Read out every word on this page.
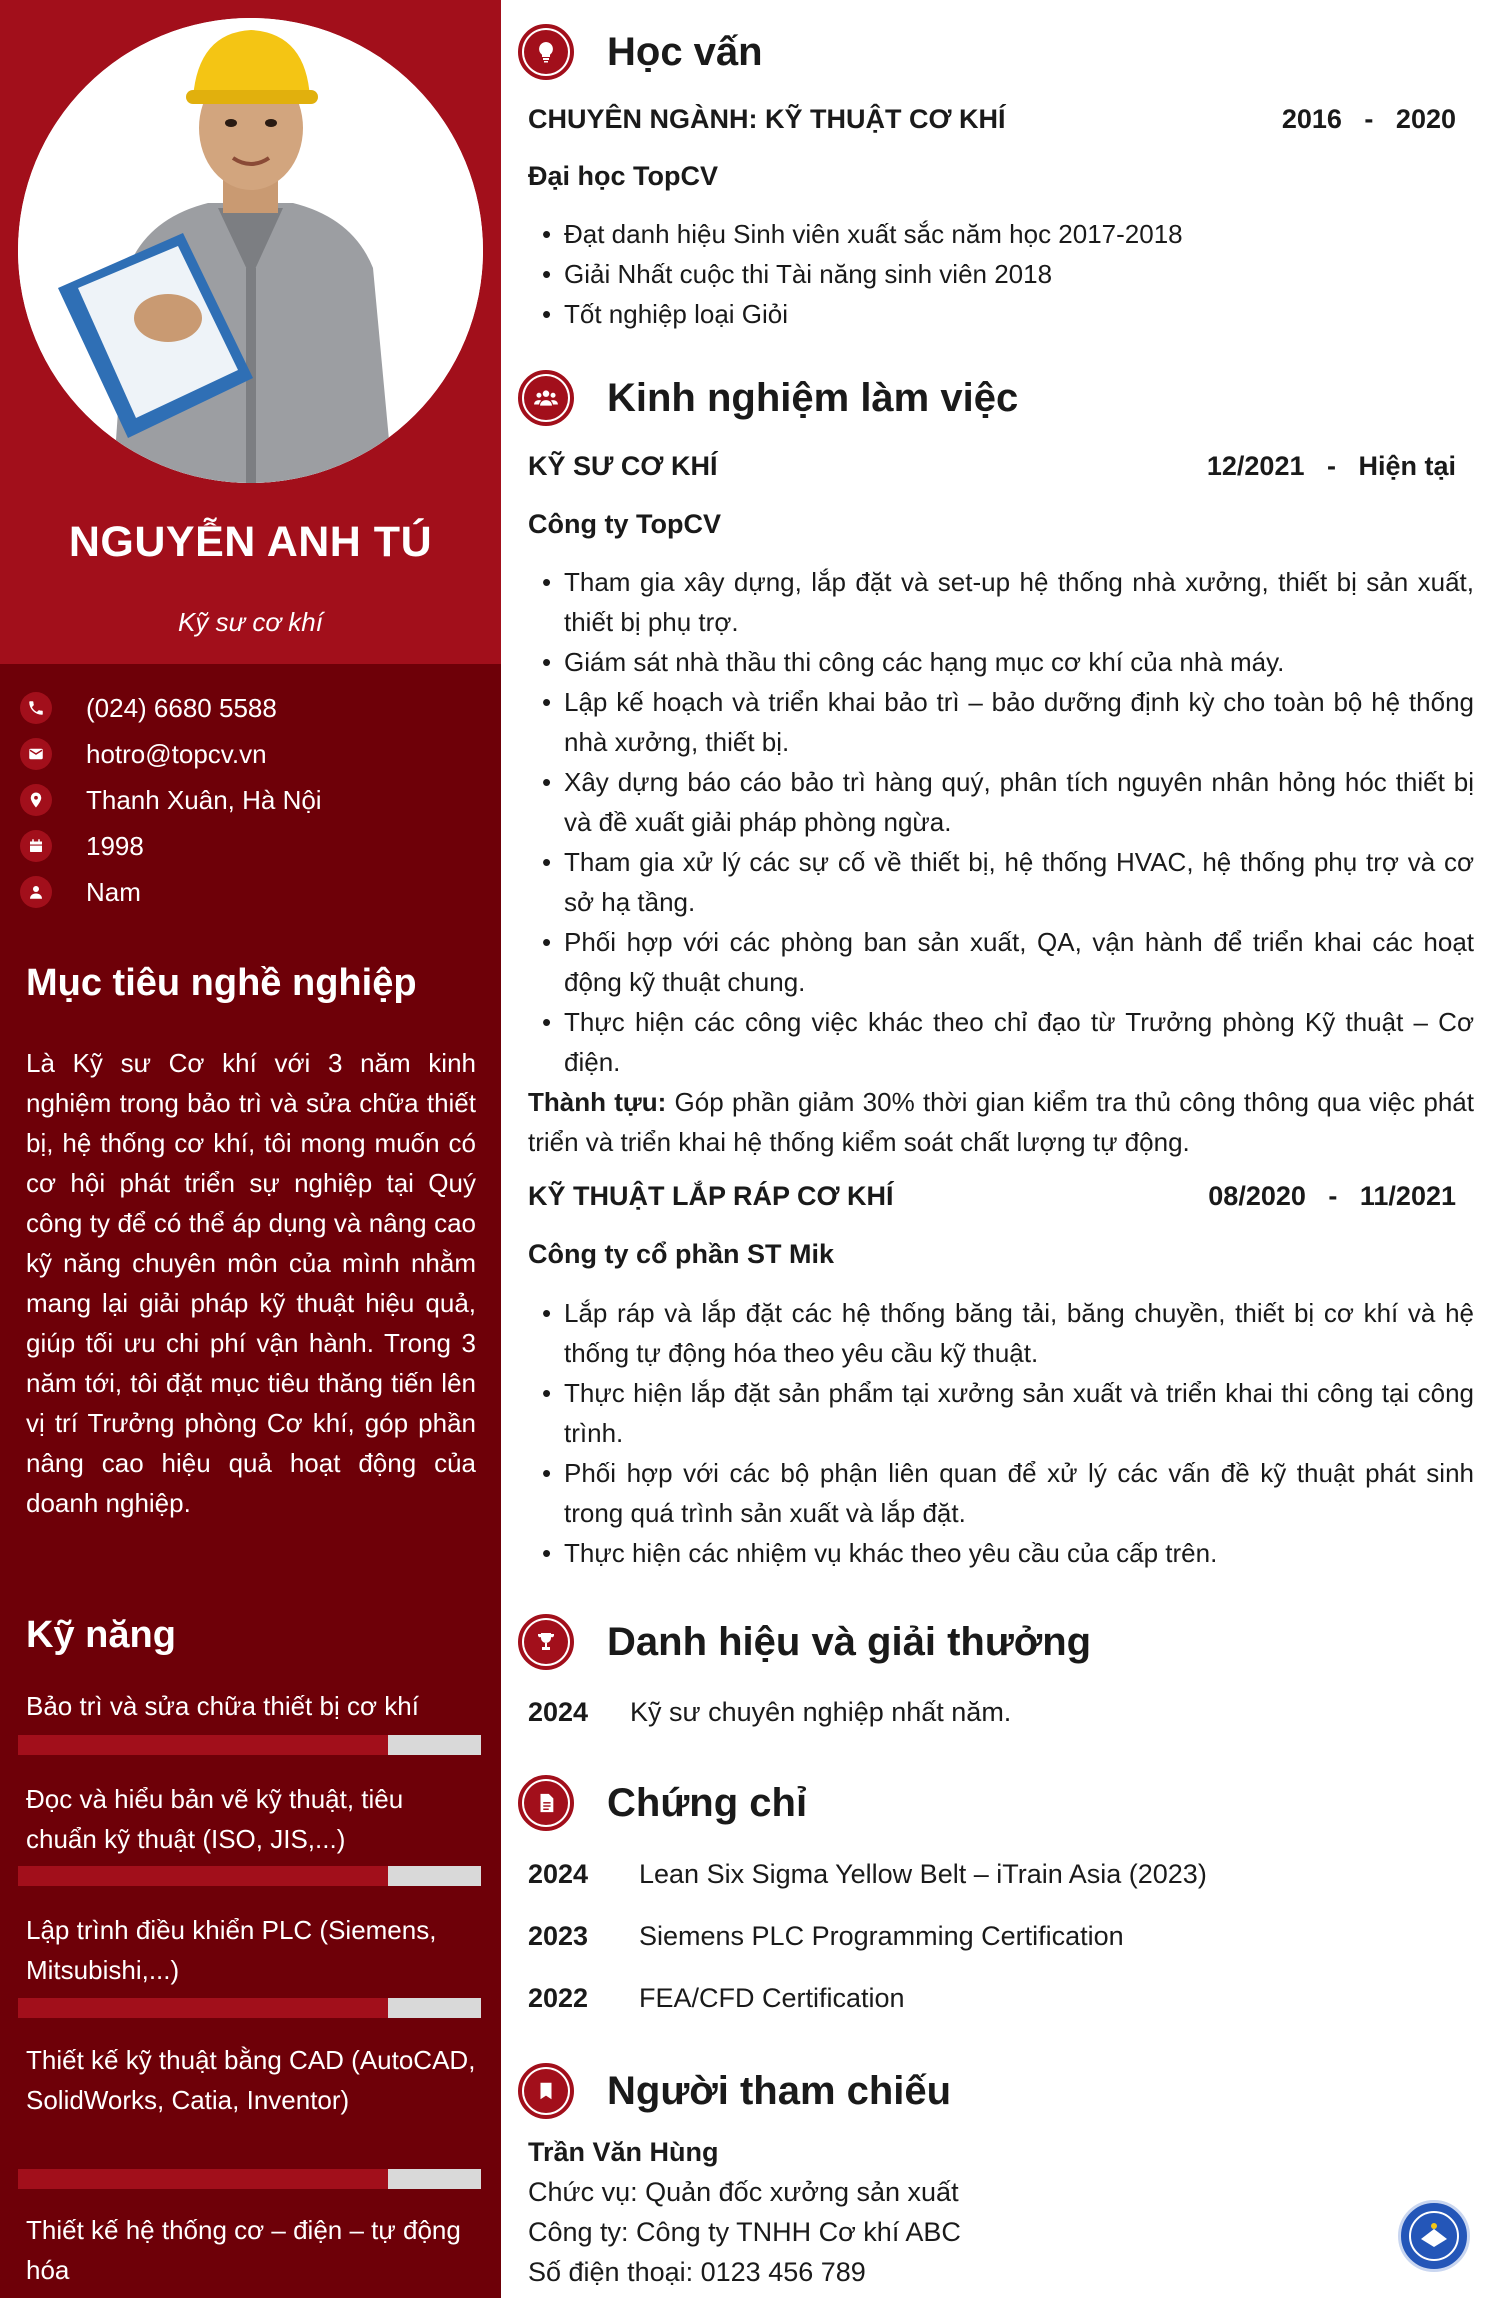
NGUYỄN ANH TÚ
Kỹ sư cơ khí
(024) 6680 5588
hotro@topcv.vn
Thanh Xuân, Hà Nội
1998
Nam
Mục tiêu nghề nghiệp
Là Kỹ sư Cơ khí với 3 năm kinh nghiệm trong bảo trì và sửa chữa thiết bị, hệ thống cơ khí, tôi mong muốn có cơ hội phát triển sự nghiệp tại Quý công ty để có thể áp dụng và nâng cao kỹ năng chuyên môn của mình nhằm mang lại giải pháp kỹ thuật hiệu quả, giúp tối ưu chi phí vận hành. Trong 3 năm tới, tôi đặt mục tiêu thăng tiến lên vị trí Trưởng phòng Cơ khí, góp phần nâng cao hiệu quả hoạt động của doanh nghiệp.
Kỹ năng
Bảo trì và sửa chữa thiết bị cơ khí
Đọc và hiểu bản vẽ kỹ thuật, tiêu chuẩn kỹ thuật (ISO, JIS,...)
Lập trình điều khiển PLC (Siemens, Mitsubishi,...)
Thiết kế kỹ thuật bằng CAD (AutoCAD, SolidWorks, Catia, Inventor)
Thiết kế hệ thống cơ – điện – tự động hóa
Học vấn
CHUYÊN NGÀNH: KỸ THUẬT CƠ KHÍ	2016   -   2020
Đại học TopCV
• Đạt danh hiệu Sinh viên xuất sắc năm học 2017-2018
• Giải Nhất cuộc thi Tài năng sinh viên 2018
• Tốt nghiệp loại Giỏi
Kinh nghiệm làm việc
KỸ SƯ CƠ KHÍ	12/2021   -   Hiện tại
Công ty TopCV
• Tham gia xây dựng, lắp đặt và set-up hệ thống nhà xưởng, thiết bị sản xuất, thiết bị phụ trợ.
• Giám sát nhà thầu thi công các hạng mục cơ khí của nhà máy.
• Lập kế hoạch và triển khai bảo trì – bảo dưỡng định kỳ cho toàn bộ hệ thống nhà xưởng, thiết bị.
• Xây dựng báo cáo bảo trì hàng quý, phân tích nguyên nhân hỏng hóc thiết bị và đề xuất giải pháp phòng ngừa.
• Tham gia xử lý các sự cố về thiết bị, hệ thống HVAC, hệ thống phụ trợ và cơ sở hạ tầng.
• Phối hợp với các phòng ban sản xuất, QA, vận hành để triển khai các hoạt động kỹ thuật chung.
• Thực hiện các công việc khác theo chỉ đạo từ Trưởng phòng Kỹ thuật – Cơ điện.
Thành tựu: Góp phần giảm 30% thời gian kiểm tra thủ công thông qua việc phát triển và triển khai hệ thống kiểm soát chất lượng tự động.
KỸ THUẬT LẮP RÁP CƠ KHÍ	08/2020   -   11/2021
Công ty cổ phần ST Mik
• Lắp ráp và lắp đặt các hệ thống băng tải, băng chuyền, thiết bị cơ khí và hệ thống tự động hóa theo yêu cầu kỹ thuật.
• Thực hiện lắp đặt sản phẩm tại xưởng sản xuất và triển khai thi công tại công trình.
• Phối hợp với các bộ phận liên quan để xử lý các vấn đề kỹ thuật phát sinh trong quá trình sản xuất và lắp đặt.
• Thực hiện các nhiệm vụ khác theo yêu cầu của cấp trên.
Danh hiệu và giải thưởng
2024 Kỹ sư chuyên nghiệp nhất năm.
Chứng chỉ
2024 Lean Six Sigma Yellow Belt – iTrain Asia (2023)
2023 Siemens PLC Programming Certification
2022 FEA/CFD Certification
Người tham chiếu
Trần Văn Hùng
Chức vụ: Quản đốc xưởng sản xuất
Công ty: Công ty TNHH Cơ khí ABC
Số điện thoại: 0123 456 789
